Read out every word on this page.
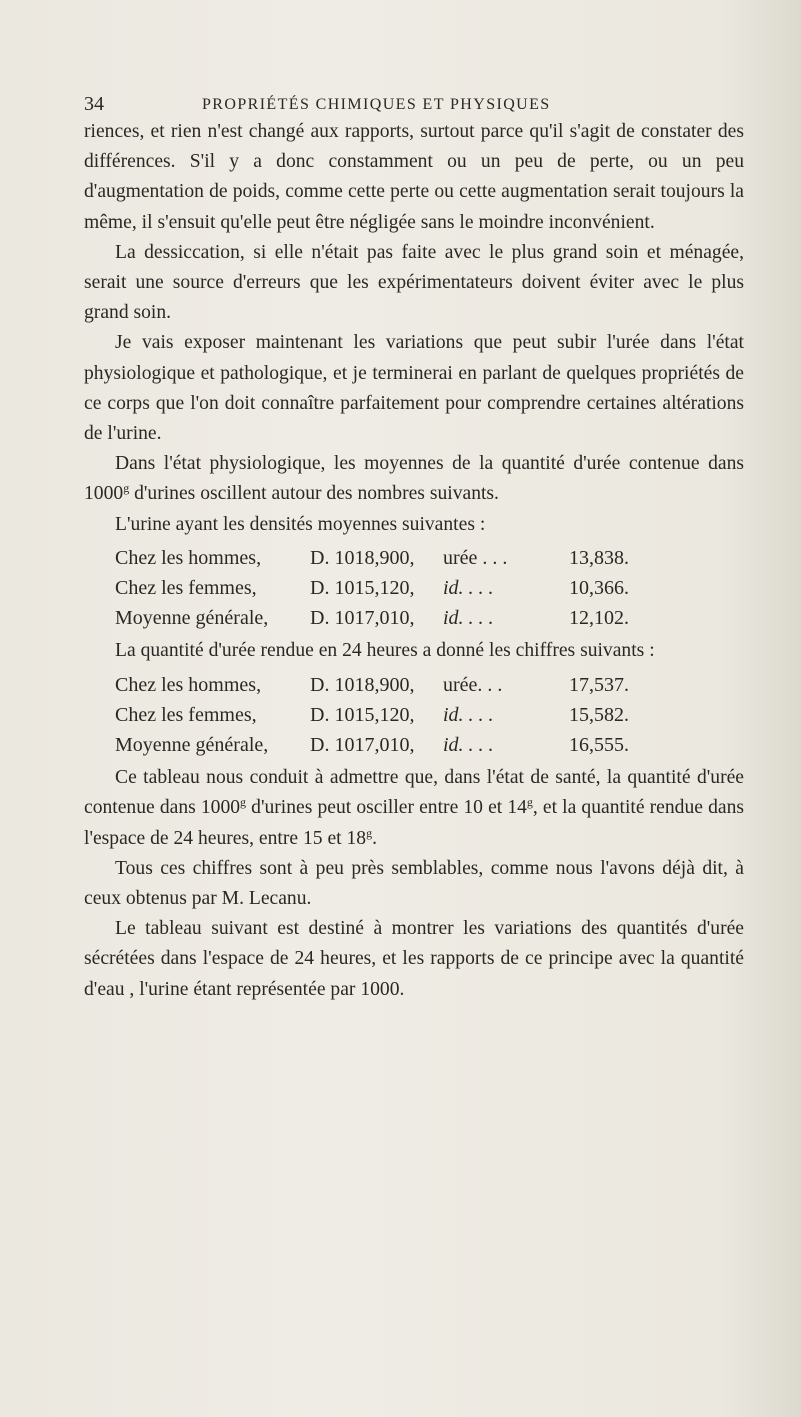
34	PROPRIÉTÉS CHIMIQUES ET PHYSIQUES

riences, et rien n'est changé aux rapports, surtout parce qu'il s'agit de constater des différences. S'il y a donc constamment ou un peu de perte, ou un peu d'augmentation de poids, comme cette perte ou cette augmentation serait toujours la même, il s'ensuit qu'elle peut être négligée sans le moindre inconvénient.

La dessiccation, si elle n'était pas faite avec le plus grand soin et ménagée, serait une source d'erreurs que les expérimentateurs doivent éviter avec le plus grand soin.

Je vais exposer maintenant les variations que peut subir l'urée dans l'état physiologique et pathologique, et je terminerai en parlant de quelques propriétés de ce corps que l'on doit connaître parfaitement pour comprendre certaines altérations de l'urine.

Dans l'état physiologique, les moyennes de la quantité d'urée contenue dans 1000$^g$ d'urines oscillent autour des nombres suivants.

L'urine ayant les densités moyennes suivantes :

Chez les hommes,	D. 1018,900,	urée . . .	13,838.
Chez les femmes,	D. 1015,120,	id. . . .	10,366.
Moyenne générale,	D. 1017,010,	id. . . .	12,102.

La quantité d'urée rendue en 24 heures a donné les chiffres suivants :

Chez les hommes,	D. 1018,900,	urée. . .	17,537.
Chez les femmes,	D. 1015,120,	id. . . .	15,582.
Moyenne générale,	D. 1017,010,	id. . . .	16,555.

Ce tableau nous conduit à admettre que, dans l'état de santé, la quantité d'urée contenue dans 1000$^g$ d'urines peut osciller entre 10 et 14$^g$, et la quantité rendue dans l'espace de 24 heures, entre 15 et 18$^g$.

Tous ces chiffres sont à peu près semblables, comme nous l'avons déjà dit, à ceux obtenus par M. Lecanu.

Le tableau suivant est destiné à montrer les variations des quantités d'urée sécrétées dans l'espace de 24 heures, et les rapports de ce principe avec la quantité d'eau , l'urine étant représentée par 1000.
